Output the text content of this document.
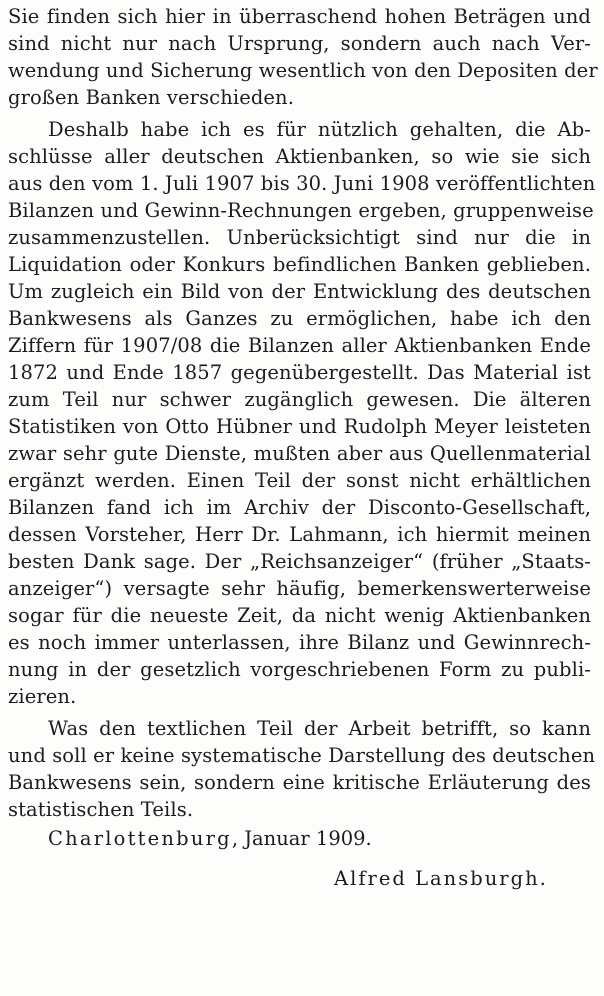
Sie finden sich hier in überraschend hohen Beträgen und
sind nicht nur nach Ursprung, sondern auch nach Ver-
wendung und Sicherung wesentlich von den Depositen der
großen Banken verschieden.
Deshalb habe ich es für nützlich gehalten, die Ab-
schlüsse aller deutschen Aktienbanken, so wie sie sich
aus den vom 1. Juli 1907 bis 30. Juni 1908 veröffentlichten
Bilanzen und Gewinn-Rechnungen ergeben, gruppenweise
zusammenzustellen. Unberücksichtigt sind nur die in
Liquidation oder Konkurs befindlichen Banken geblieben.
Um zugleich ein Bild von der Entwicklung des deutschen
Bankwesens als Ganzes zu ermöglichen, habe ich den
Ziffern für 1907/08 die Bilanzen aller Aktienbanken Ende
1872 und Ende 1857 gegenübergestellt. Das Material ist
zum Teil nur schwer zugänglich gewesen. Die älteren
Statistiken von Otto Hübner und Rudolph Meyer leisteten
zwar sehr gute Dienste, mußten aber aus Quellenmaterial
ergänzt werden. Einen Teil der sonst nicht erhältlichen
Bilanzen fand ich im Archiv der Disconto-Gesellschaft,
dessen Vorsteher, Herr Dr. Lahmann, ich hiermit meinen
besten Dank sage. Der „Reichsanzeiger“ (früher „Staats-
anzeiger“) versagte sehr häufig, bemerkenswerterweise
sogar für die neueste Zeit, da nicht wenig Aktienbanken
es noch immer unterlassen, ihre Bilanz und Gewinnrech-
nung in der gesetzlich vorgeschriebenen Form zu publi-
zieren.
Was den textlichen Teil der Arbeit betrifft, so kann
und soll er keine systematische Darstellung des deutschen
Bankwesens sein, sondern eine kritische Erläuterung des
statistischen Teils.
Charlottenburg, Januar 1909.
Alfred Lansburgh.
